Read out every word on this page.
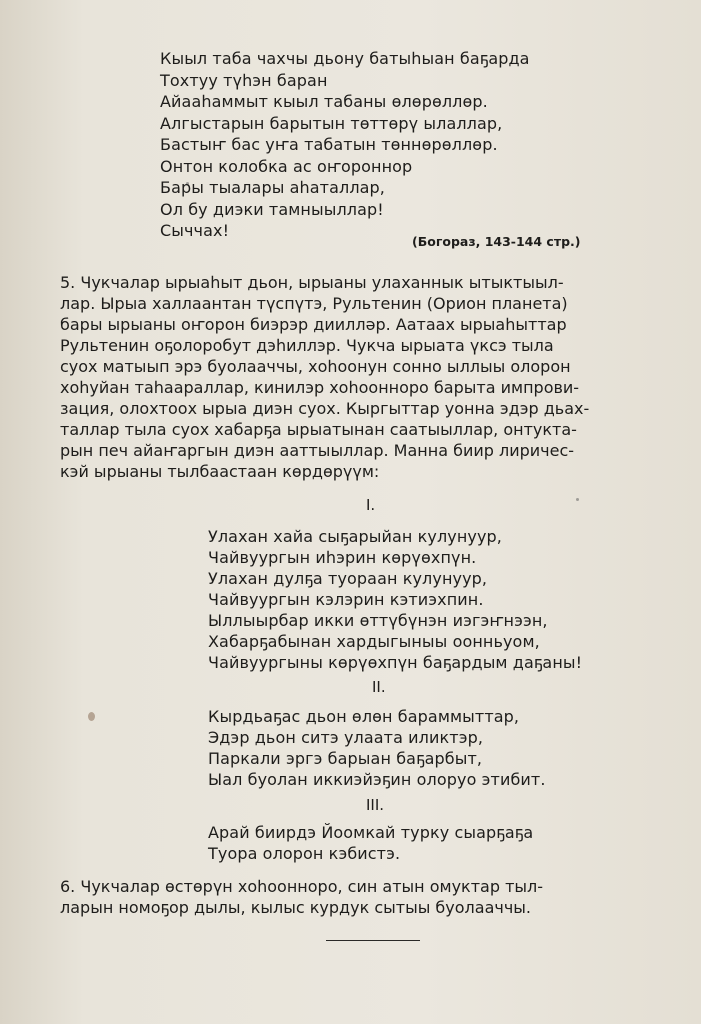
Кыыл таба чахчы дьону батыһыан баҕарда
Тохтуу түһэн баран
Айааһаммыт кыыл табаны өлөрөллөр.
Алгыстарын барытын төттөрү ылаллар,
Бастыҥ бас уҥа табатын төннөрөллөр.
Онтон колобка ас оҥороннор
Бары тыалары аһаталлар,
Ол бу диэки тамныыллар!
Сыччах!
(Богораз, 143-144 стр.)
5. Чукчалар ырыаһыт дьон, ырыаны улаханнык ытыктыыл-
лар. Ырыа халлаантан түспүтэ, Рультенин (Орион планета)
бары ырыаны оҥорон биэрэр диилләр. Аатаах ырыаһыттар
Рультенин оҕолоробут дэһиллэр. Чукча ырыата үксэ тыла
суох матыып эрэ буолааччы, хоһоонун сонно ыллыы олорон
хоһуйан таһаараллар, кинилэр хоһоонноро барыта импрови-
зация, олохтоох ырыа диэн суох. Кыргыттар уонна эдэр дьах-
таллар тыла суох хабарҕа ырыатынан саатыыллар, онтукта-
рын печ айаҥаргын диэн ааттыыллар. Манна биир лиричес-
кэй ырыаны тылбаастаан көрдөрүүм:
I.
Улахан хайа сыҕарыйан кулунуур,
Чайвуургын иһэрин көрүөхпүн.
Улахан дулҕа туораан кулунуур,
Чайвуургын кэлэрин кэтиэхпин.
Ыллыырбар икки өттүбүнэн иэгэҥнээн,
Хабарҕабынан хардыгыныы оонньуом,
Чайвуургыны көрүөхпүн баҕардым даҕаны!
II.
Кырдьаҕас дьон өлөн бараммыттар,
Эдэр дьон ситэ улаата иликтэр,
Паркали эргэ барыан баҕарбыт,
Ыал буолан иккиэйэҕин олоруо этибит.
III.
Арай биирдэ Йоомкай турку сыарҕаҕа
Туора олорон кэбистэ.
6. Чукчалар өстөрүн хоһоонноро, син атын омуктар тыл-
ларын номоҕор дылы, кылыс курдук сытыы буолааччы.
